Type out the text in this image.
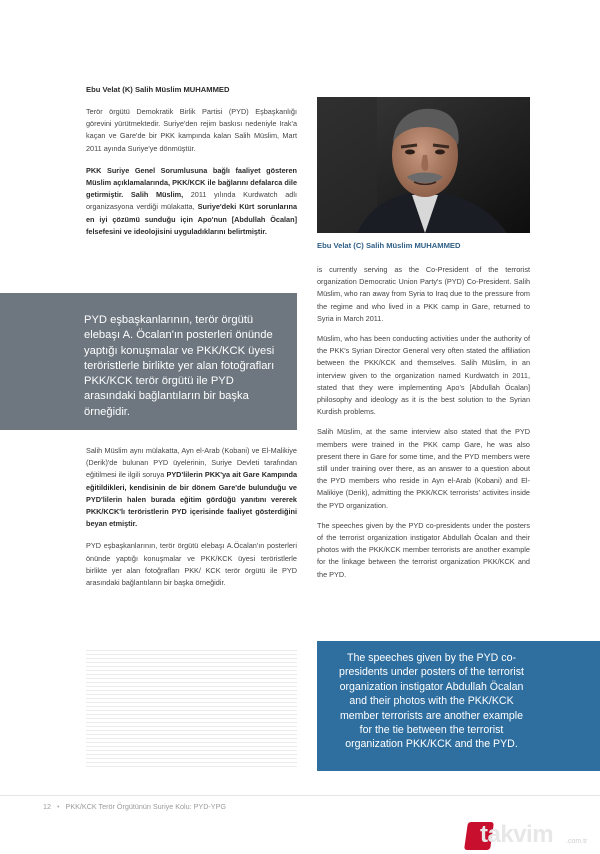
Ebu Velat (K) Salih Müslim MUHAMMED

Terör örgütü Demokratik Birlik Partisi (PYD) Eşbaşkanlığı görevini yürütmektedir. Suriye'den rejim baskısı nedeniyle Irak'a kaçan ve Gare'de bir PKK kampında kalan Salih Müslim, Mart 2011 ayında Suriye'ye dönmüştür.

PKK Suriye Genel Sorumlusuna bağlı faaliyet gösteren Müslim açıklamalarında, PKK/KCK ile bağlarını defalarca dile getirmiştir. Salih Müslim, 2011 yılında Kurdwatch adlı organizasyona verdiği mülakatta, Suriye'deki Kürt sorunlarına en iyi çözümü sunduğu için Apo'nun [Abdullah Öcalan] felsefesini ve ideolojisini uyguladıklarını belirtmiştir.

PYD eşbaşkanlarının, terör örgütü elebaşı A. Öcalan'ın posterleri önünde yaptığı konuşmalar ve PKK/KCK üyesi teröristlerle birlikte yer alan fotoğrafları PKK/KCK terör örgütü ile PYD arasındaki bağlantıların bir başka örneğidir.

Salih Müslim aynı mülakatta, Ayn el-Arab (Kobani) ve El-Malikiye (Derik)'de bulunan PYD üyelerinin, Suriye Devleti tarafından eğitilmesi ile ilgili soruya PYD'lilerin PKK'ya ait Gare Kampında eğitildikleri, kendisinin de bir dönem Gare'de bulunduğu ve PYD'lilerin halen burada eğitim gördüğü yanıtını vererek PKK/KCK'lı teröristlerin PYD içerisinde faaliyet gösterdiğini beyan etmiştir.

PYD eşbaşkanlarının, terör örgütü elebaşı A.Öcalan'ın posterleri önünde yaptığı konuşmalar ve PKK/KCK üyesi teröristlerle birlikte yer alan fotoğrafları PKK/ KCK terör örgütü ile PYD arasındaki bağlantıların bir başka örneğidir.

Ebu Velat (C) Salih Müslim MUHAMMED

is currently serving as the Co-President of the terrorist organization Democratic Union Party's (PYD) Co-President. Salih Müslim, who ran away from Syria to Iraq due to the pressure from the regime and who lived in a PKK camp in Gare, returned to Syria in March 2011.

Müslim, who has been conducting activities under the authority of the PKK's Syrian Director General very often stated the affiliation between the PKK/KCK and themselves. Salih Müslim, in an interview given to the organization named Kurdwatch in 2011, stated that they were implementing Apo's [Abdullah Öcalan] philosophy and ideology as it is the best solution to the Syrian Kurdish problems.

Salih Müslim, at the same interview also stated that the PYD members were trained in the PKK camp Gare, he was also present there in Gare for some time, and the PYD members were still under training over there, as an answer to a question about the PYD members who reside in Ayn el-Arab (Kobani) and El-Malikiye (Derik), admitting the PKK/KCK terrorists' activites inside the PYD organization.

The speeches given by the PYD co-presidents under the posters of the terrorist organization instigator Abdullah Öcalan and their photos with the PKK/KCK member terrorists are another example for the linkage between the terrorist organization PKK/KCK and the PYD.

The speeches given by the PYD co-presidents under posters of the terrorist organization instigator Abdullah Öcalan and their photos with the PKK/KCK member terrorists are another example for the tie between the terrorist organization PKK/KCK and the PYD.

12 • PKK/KCK Terör Örgütünün Suriye Kolu: PYD-YPG
takvim .com.tr
